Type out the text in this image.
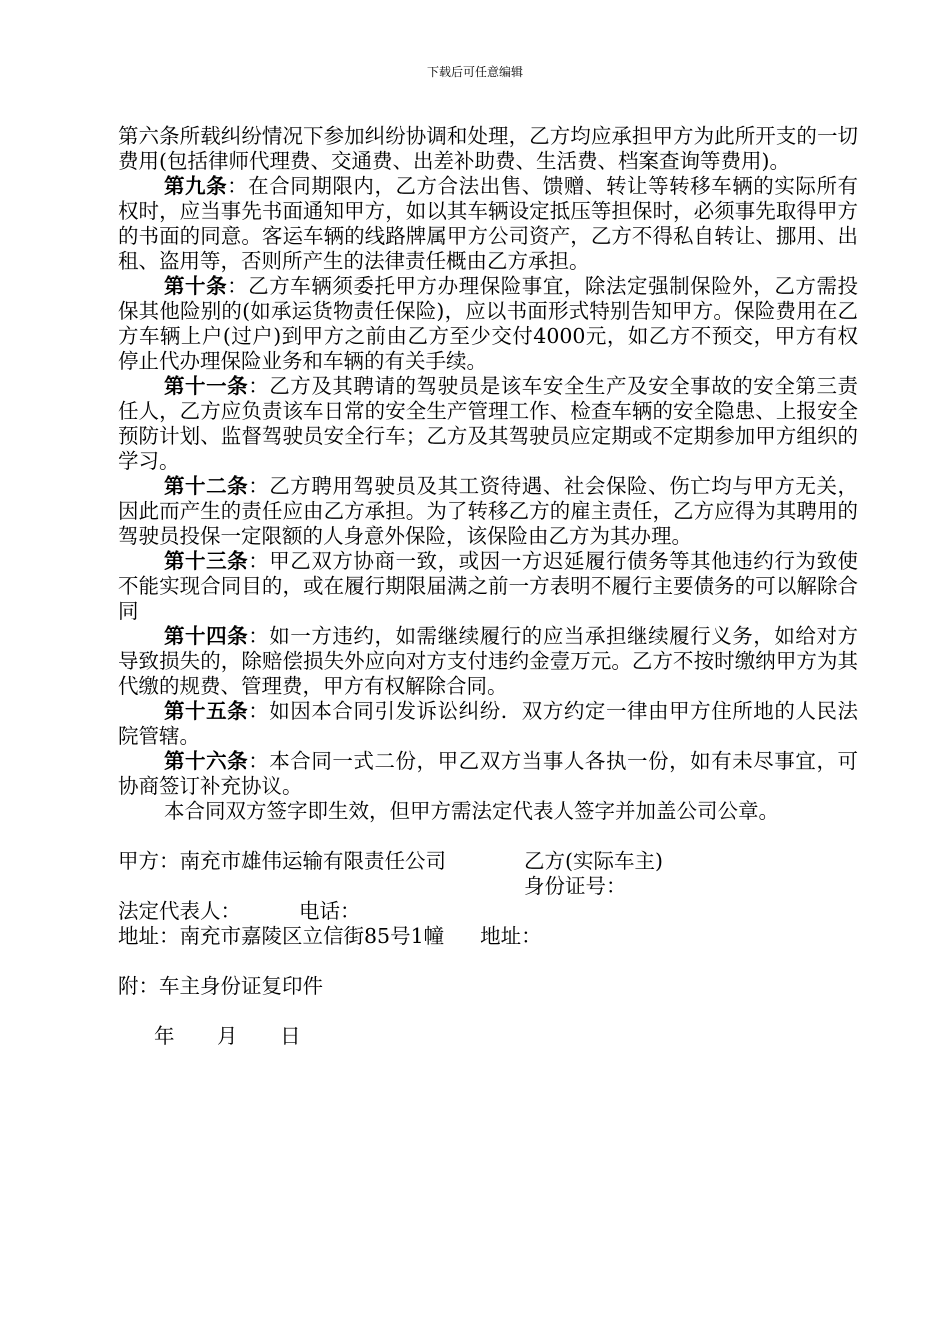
下载后可任意编辑

第六条所载纠纷情况下参加纠纷协调和处理，乙方均应承担甲方为此所开支的一切费用(包括律师代理费、交通费、出差补助费、生活费、档案查询等费用)。

第九条：在合同期限内，乙方合法出售、馈赠、转让等转移车辆的实际所有权时，应当事先书面通知甲方，如以其车辆设定抵压等担保时，必须事先取得甲方的书面的同意。客运车辆的线路牌属甲方公司资产，乙方不得私自转让、挪用、出租、盗用等，否则所产生的法律责任概由乙方承担。

第十条：乙方车辆须委托甲方办理保险事宜，除法定强制保险外，乙方需投保其他险别的(如承运货物责任保险)，应以书面形式特别告知甲方。保险费用在乙方车辆上户(过户)到甲方之前由乙方至少交付4000元，如乙方不预交，甲方有权停止代办理保险业务和车辆的有关手续。

第十一条：乙方及其聘请的驾驶员是该车安全生产及安全事故的安全第三责任人，乙方应负责该车日常的安全生产管理工作、检查车辆的安全隐患、上报安全预防计划、监督驾驶员安全行车；乙方及其驾驶员应定期或不定期参加甲方组织的学习。

第十二条：乙方聘用驾驶员及其工资待遇、社会保险、伤亡均与甲方无关，因此而产生的责任应由乙方承担。为了转移乙方的雇主责任，乙方应得为其聘用的驾驶员投保一定限额的人身意外保险，该保险由乙方为其办理。

第十三条：甲乙双方协商一致，或因一方迟延履行债务等其他违约行为致使不能实现合同目的，或在履行期限届满之前一方表明不履行主要债务的可以解除合同

第十四条：如一方违约，如需继续履行的应当承担继续履行义务，如给对方导致损失的，除赔偿损失外应向对方支付违约金壹万元。乙方不按时缴纳甲方为其代缴的规费、管理费，甲方有权解除合同。

第十五条：如因本合同引发诉讼纠纷．双方约定一律由甲方住所地的人民法院管辖。

第十六条：本合同一式二份，甲乙双方当事人各执一份，如有未尽事宜，可协商签订补充协议。

本合同双方签字即生效，但甲方需法定代表人签字并加盖公司公章。

甲方：南充市雄伟运输有限责任公司	乙方(实际车主)
身份证号：
法定代表人：	电话：
地址：南充市嘉陵区立信街85号1幢 地址：

附：车主身份证复印件

年 月 日
